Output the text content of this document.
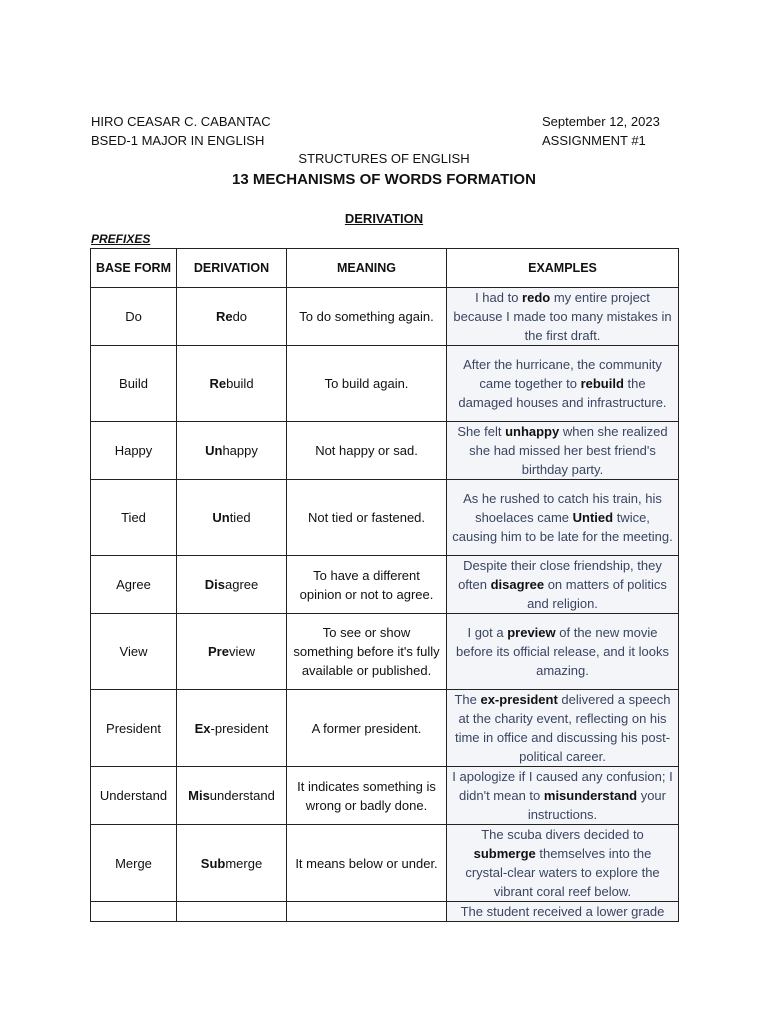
HIRO CEASAR C. CABANTAC
BSED-1 MAJOR IN ENGLISH
September 12, 2023
ASSIGNMENT #1
STRUCTURES OF ENGLISH
13 MECHANISMS OF WORDS FORMATION
DERIVATION
PREFIXES
BASE FORM	DERIVATION	MEANING	EXAMPLES
Do	Redo	To do something again.	I had to redo my entire project because I made too many mistakes in the first draft.
Build	Rebuild	To build again.	After the hurricane, the community came together to rebuild the damaged houses and infrastructure.
Happy	Unhappy	Not happy or sad.	She felt unhappy when she realized she had missed her best friend's birthday party.
Tied	Untied	Not tied or fastened.	As he rushed to catch his train, his shoelaces came Untied twice, causing him to be late for the meeting.
Agree	Disagree	To have a different opinion or not to agree.	Despite their close friendship, they often disagree on matters of politics and religion.
View	Preview	To see or show something before it's fully available or published.	I got a preview of the new movie before its official release, and it looks amazing.
President	Ex-president	A former president.	The ex-president delivered a speech at the charity event, reflecting on his time in office and discussing his post-political career.
Understand	Misunderstand	It indicates something is wrong or badly done.	I apologize if I caused any confusion; I didn't mean to misunderstand your instructions.
Merge	Submerge	It means below or under.	The scuba divers decided to submerge themselves into the crystal-clear waters to explore the vibrant coral reef below.
			The student received a lower grade
